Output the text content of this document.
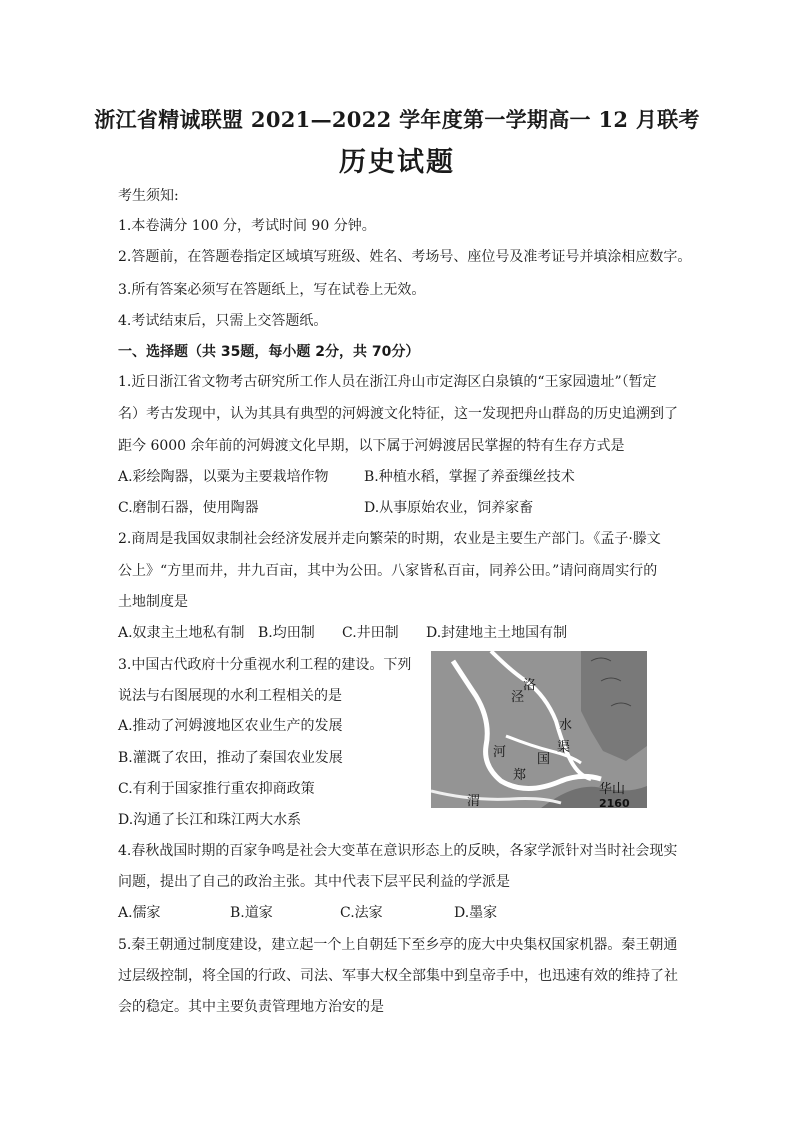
浙江省精诚联盟 2021—2022 学年度第一学期高一 12 月联考
历史试题
考生须知:
1.本卷满分 100 分，考试时间 90 分钟。
2.答题前，在答题卷指定区域填写班级、姓名、考场号、座位号及准考证号并填涂相应数字。
3.所有答案必须写在答题纸上，写在试卷上无效。
4.考试结束后，只需上交答题纸。
一、选择题（共 35题，每小题 2分，共 70分）
1.近日浙江省文物考古研究所工作人员在浙江舟山市定海区白泉镇的“王家园遗址”（暂定
名）考古发现中，认为其具有典型的河姆渡文化特征，这一发现把舟山群岛的历史追溯到了
距今 6000 余年前的河姆渡文化早期，以下属于河姆渡居民掌握的特有生存方式是
A.彩绘陶器，以粟为主要栽培作物	B.种植水稻，掌握了养蚕缫丝技术
C.磨制石器，使用陶器	D.从事原始农业，饲养家畜
2.商周是我国奴隶制社会经济发展并走向繁荣的时期，农业是主要生产部门。《孟子·滕文
公上》“方里而井，井九百亩，其中为公田。八家皆私百亩，同养公田。”请问商周实行的
土地制度是
A.奴隶主土地私有制 B.均田制 C.井田制 D.封建地主土地国有制
3.中国古代政府十分重视水利工程的建设。下列
说法与右图展现的水利工程相关的是
A.推动了河姆渡地区农业生产的发展
B.灌溉了农田，推动了秦国农业发展
C.有利于国家推行重农抑商政策
D.沟通了长江和珠江两大水系
泾
洛
水
河 国
渠
郑
华山
渭	2160
4.春秋战国时期的百家争鸣是社会大变革在意识形态上的反映，各家学派针对当时社会现实
问题，提出了自己的政治主张。其中代表下层平民利益的学派是
A.儒家	B.道家	C.法家	D.墨家
5.秦王朝通过制度建设，建立起一个上自朝廷下至乡亭的庞大中央集权国家机器。秦王朝通
过层级控制，将全国的行政、司法、军事大权全部集中到皇帝手中，也迅速有效的维持了社
会的稳定。其中主要负责管理地方治安的是
